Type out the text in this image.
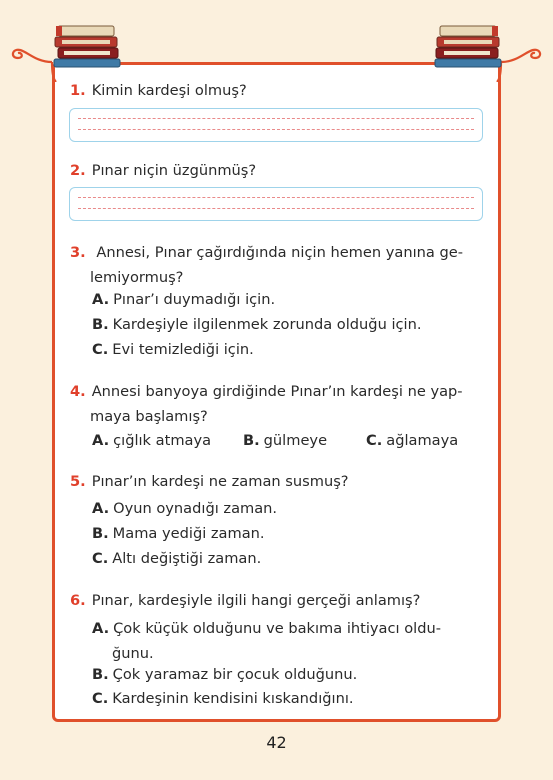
1. Kimin kardeşi olmuş?
2. Pınar niçin üzgünmüş?
3. Annesi, Pınar çağırdığında niçin hemen yanına ge-
lemiyormuş?
A. Pınar’ı duymadığı için.
B. Kardeşiyle ilgilenmek zorunda olduğu için.
C. Evi temizlediği için.
4. Annesi banyoya girdiğinde Pınar’ın kardeşi ne yap-
maya başlamış?
A. çığlık atmaya B. gülmeye	C. ağlamaya
5. Pınar’ın kardeşi ne zaman susmuş?
A. Oyun oynadığı zaman.
B. Mama yediği zaman.
C. Altı değiştiği zaman.
6. Pınar, kardeşiyle ilgili hangi gerçeği anlamış?
A. Çok küçük olduğunu ve bakıma ihtiyacı oldu-
ğunu.
B. Çok yaramaz bir çocuk olduğunu.
C. Kardeşinin kendisini kıskandığını.
42
